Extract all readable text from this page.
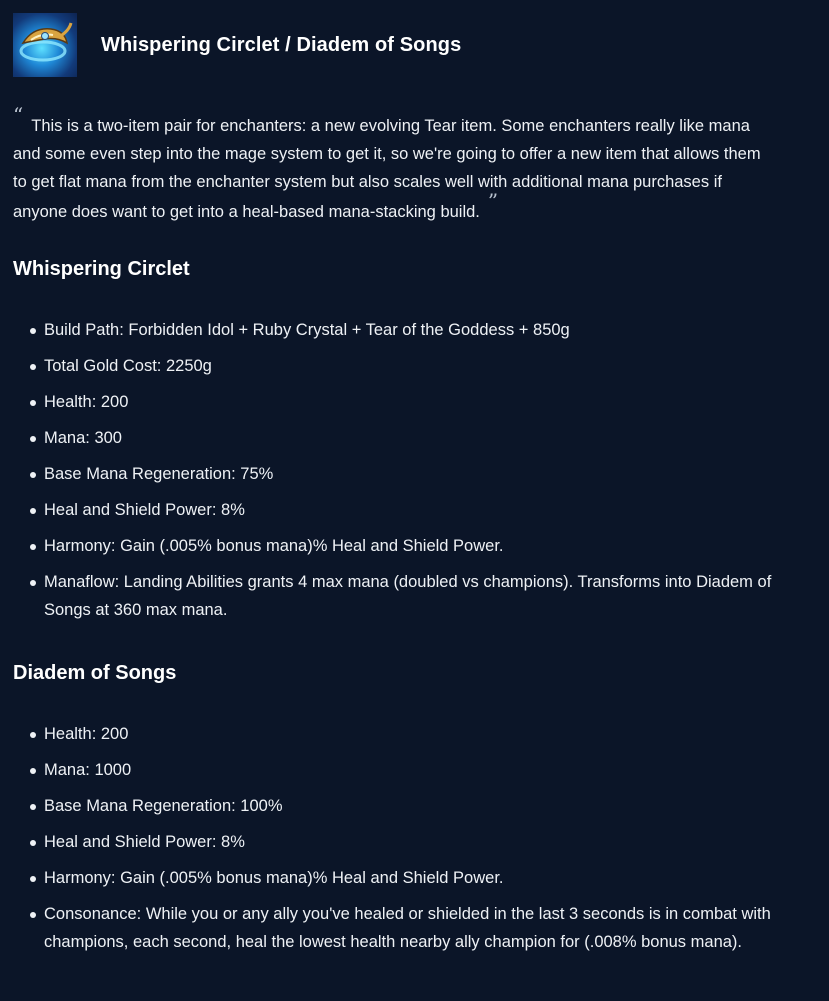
Whispering Circlet / Diadem of Songs
“ This is a two-item pair for enchanters: a new evolving Tear item. Some enchanters really like mana and some even step into the mage system to get it, so we're going to offer a new item that allows them to get flat mana from the enchanter system but also scales well with additional mana purchases if anyone does want to get into a heal-based mana-stacking build. ”
Whispering Circlet
Build Path: Forbidden Idol + Ruby Crystal + Tear of the Goddess + 850g
Total Gold Cost: 2250g
Health: 200
Mana: 300
Base Mana Regeneration: 75%
Heal and Shield Power: 8%
Harmony: Gain (.005% bonus mana)% Heal and Shield Power.
Manaflow: Landing Abilities grants 4 max mana (doubled vs champions). Transforms into Diadem of Songs at 360 max mana.
Diadem of Songs
Health: 200
Mana: 1000
Base Mana Regeneration: 100%
Heal and Shield Power: 8%
Harmony: Gain (.005% bonus mana)% Heal and Shield Power.
Consonance: While you or any ally you've healed or shielded in the last 3 seconds is in combat with champions, each second, heal the lowest health nearby ally champion for (.008% bonus mana).
